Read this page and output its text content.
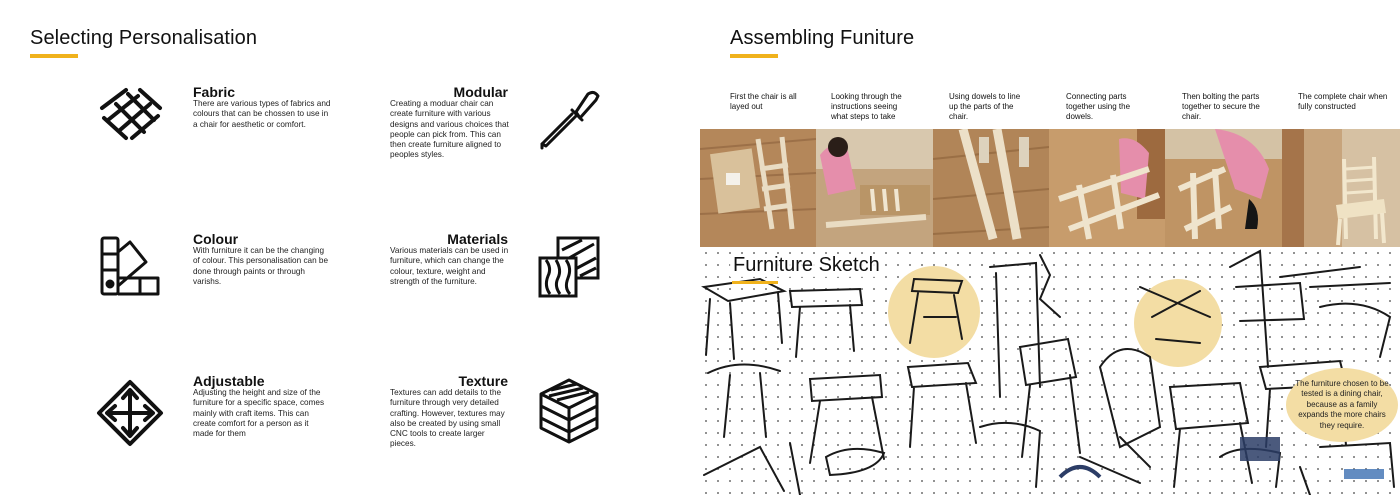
Selecting Personalisation
Fabric
There are various types of fabrics and colours that can be chossen to use in a chair for aesthetic or comfort.
Modular
Creating a moduar chair can create furniture with various designs and various choices that people can pick from. This can then create furniture aligned to peoples styles.
Colour
With furniture it can be the changing of colour. This personalisation can be done through paints or through varishs.
Materials
Various materials can be used in furniture, which can change the colour, texture, weight and strength of the furniture.
Adjustable
Adjusting the height and size of the furniture for a specific space, comes mainly with craft items. This can create comfort for a person as it made for them
Texture
Textures can add details to the furniture through very detailed crafting. However, textures may also be created by using small CNC tools to create larger pieces.
Assembling Funiture
First the chair is all layed out
Looking through the instructions seeing what steps to take
Using dowels to line up the parts of the chair.
Connecting parts together using the dowels.
Then bolting the parts together to secure the chair.
The complete chair when fully constructed
Furniture Sketch
The furniture chosen to be tested is a dining chair, because as a family expands the more chairs they require.
